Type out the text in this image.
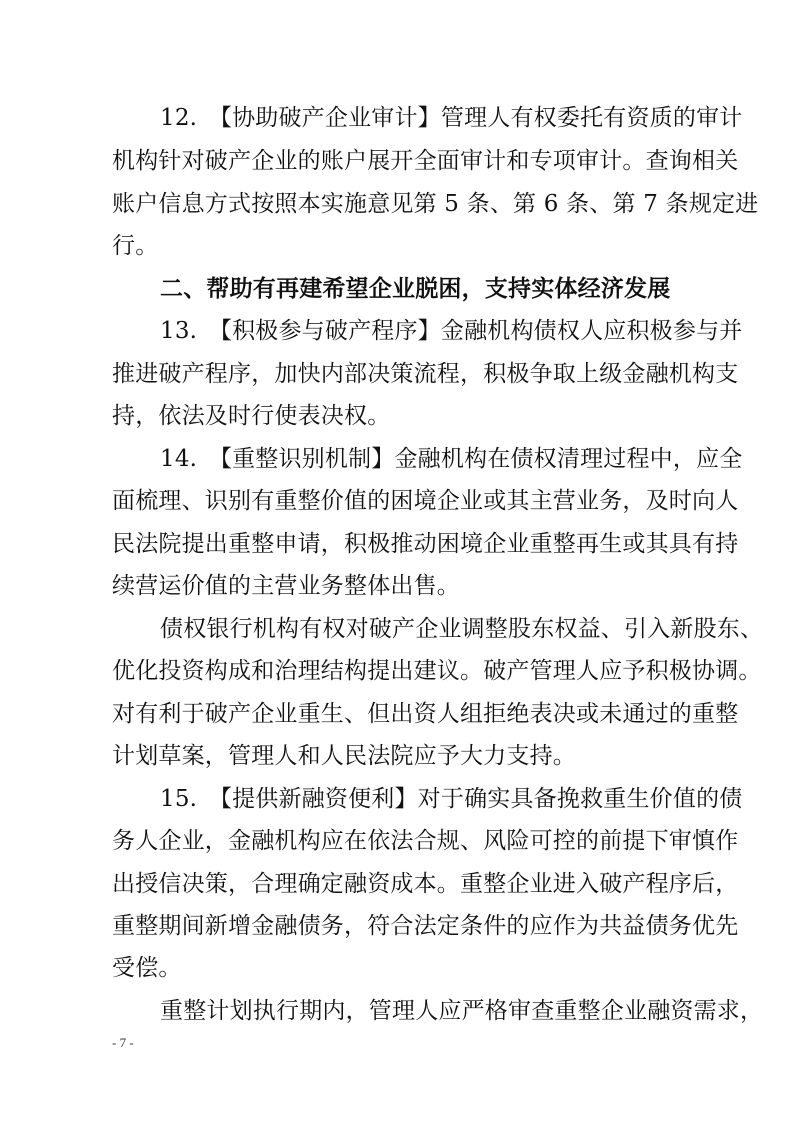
12.　【协助破产企业审计】管理人有权委托有资质的审计
机构针对破产企业的账户展开全面审计和专项审计。查询相关
账户信息方式按照本实施意见第 5 条、第 6 条、第 7 条规定进
行。
二、帮助有再建希望企业脱困，支持实体经济发展
13.　【积极参与破产程序】金融机构债权人应积极参与并
推进破产程序，加快内部决策流程，积极争取上级金融机构支
持，依法及时行使表决权。
14.　【重整识别机制】金融机构在债权清理过程中，应全
面梳理、识别有重整价值的困境企业或其主营业务，及时向人
民法院提出重整申请，积极推动困境企业重整再生或其具有持
续营运价值的主营业务整体出售。
债权银行机构有权对破产企业调整股东权益、引入新股东、
优化投资构成和治理结构提出建议。破产管理人应予积极协调。
对有利于破产企业重生、但出资人组拒绝表决或未通过的重整
计划草案，管理人和人民法院应予大力支持。
15.　【提供新融资便利】对于确实具备挽救重生价值的债
务人企业，金融机构应在依法合规、风险可控的前提下审慎作
出授信决策，合理确定融资成本。重整企业进入破产程序后，
重整期间新增金融债务，符合法定条件的应作为共益债务优先
受偿。
重整计划执行期内，管理人应严格审查重整企业融资需求，
- 7 -
